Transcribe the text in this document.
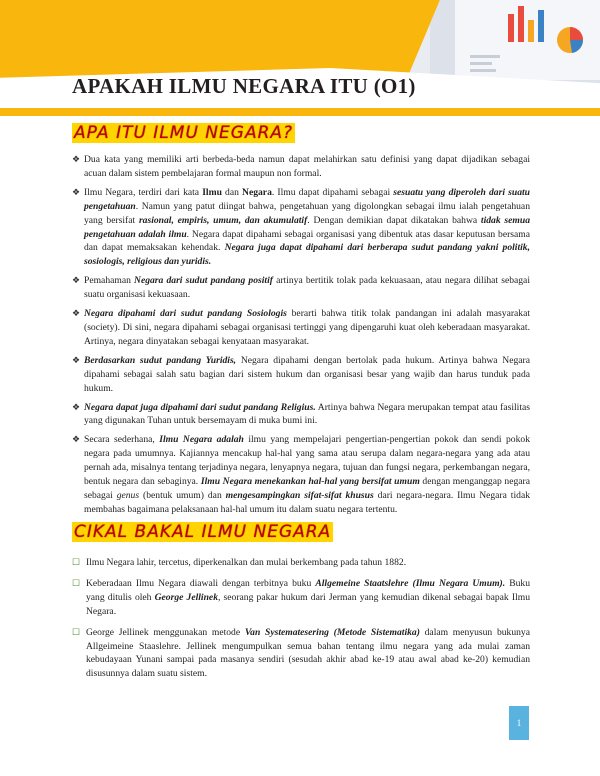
APAKAH ILMU NEGARA ITU (O1)
APA ITU ILMU NEGARA?
❖ Dua kata yang memiliki arti berbeda-beda namun dapat melahirkan satu definisi yang dapat dijadikan sebagai acuan dalam sistem pembelajaran formal maupun non formal.
❖ Ilmu Negara, terdiri dari kata Ilmu dan Negara. Ilmu dapat dipahami sebagai sesuatu yang diperoleh dari suatu pengetahuan. Namun yang patut diingat bahwa, pengetahuan yang digolongkan sebagai ilmu ialah pengetahuan yang bersifat rasional, empiris, umum, dan akumulatif. Dengan demikian dapat dikatakan bahwa tidak semua pengetahuan adalah ilmu. Negara dapat dipahami sebagai organisasi yang dibentuk atas dasar keputusan bersama dan dapat memaksakan kehendak. Negara juga dapat dipahami dari berberapa sudut pandang yakni politik, sosiologis, religious dan yuridis.
❖ Pemahaman Negara dari sudut pandang positif artinya bertitik tolak pada kekuasaan, atau negara dilihat sebagai suatu organisasi kekuasaan.
❖ Negara dipahami dari sudut pandang Sosiologis berarti bahwa titik tolak pandangan ini adalah masyarakat (society). Di sini, negara dipahami sebagai organisasi tertinggi yang dipengaruhi kuat oleh keberadaan masyarakat. Artinya, negara dinyatakan sebagai kenyataan masyarakat.
❖ Berdasarkan sudut pandang Yuridis, Negara dipahami dengan bertolak pada hukum. Artinya bahwa Negara dipahami sebagai salah satu bagian dari sistem hukum dan organisasi besar yang wajib dan harus tunduk pada hukum.
❖ Negara dapat juga dipahami dari sudut pandang Religius. Artinya bahwa Negara merupakan tempat atau fasilitas yang digunakan Tuhan untuk bersemayam di muka bumi ini.
❖ Secara sederhana, Ilmu Negara adalah ilmu yang mempelajari pengertian-pengertian pokok dan sendi pokok negara pada umumnya. Kajiannya mencakup hal-hal yang sama atau serupa dalam negara-negara yang ada atau pernah ada, misalnya tentang terjadinya negara, lenyapnya negara, tujuan dan fungsi negara, perkembangan negara, bentuk negara dan sebaginya. Ilmu Negara menekankan hal-hal yang bersifat umum dengan menganggap negara sebagai genus (bentuk umum) dan mengesampingkan sifat-sifat khusus dari negara-negara. Ilmu Negara tidak membahas bagaimana pelaksanaan hal-hal umum itu dalam suatu negara tertentu.
CIKAL BAKAL ILMU NEGARA
☐ Ilmu Negara lahir, tercetus, diperkenalkan dan mulai berkembang pada tahun 1882.
☐ Keberadaan Ilmu Negara diawali dengan terbitnya buku Allgemeine Staatslehre (Ilmu Negara Umum). Buku yang ditulis oleh George Jellinek, seorang pakar hukum dari Jerman yang kemudian dikenal sebagai bapak Ilmu Negara.
☐ George Jellinek menggunakan metode Van Systematesering (Metode Sistematika) dalam menyusun bukunya Allgeimeine Staaslehre. Jellinek mengumpulkan semua bahan tentang ilmu negara yang ada mulai zaman kebudayaan Yunani sampai pada masanya sendiri (sesudah akhir abad ke-19 atau awal abad ke-20) kemudian disusunnya dalam suatu sistem.
1
